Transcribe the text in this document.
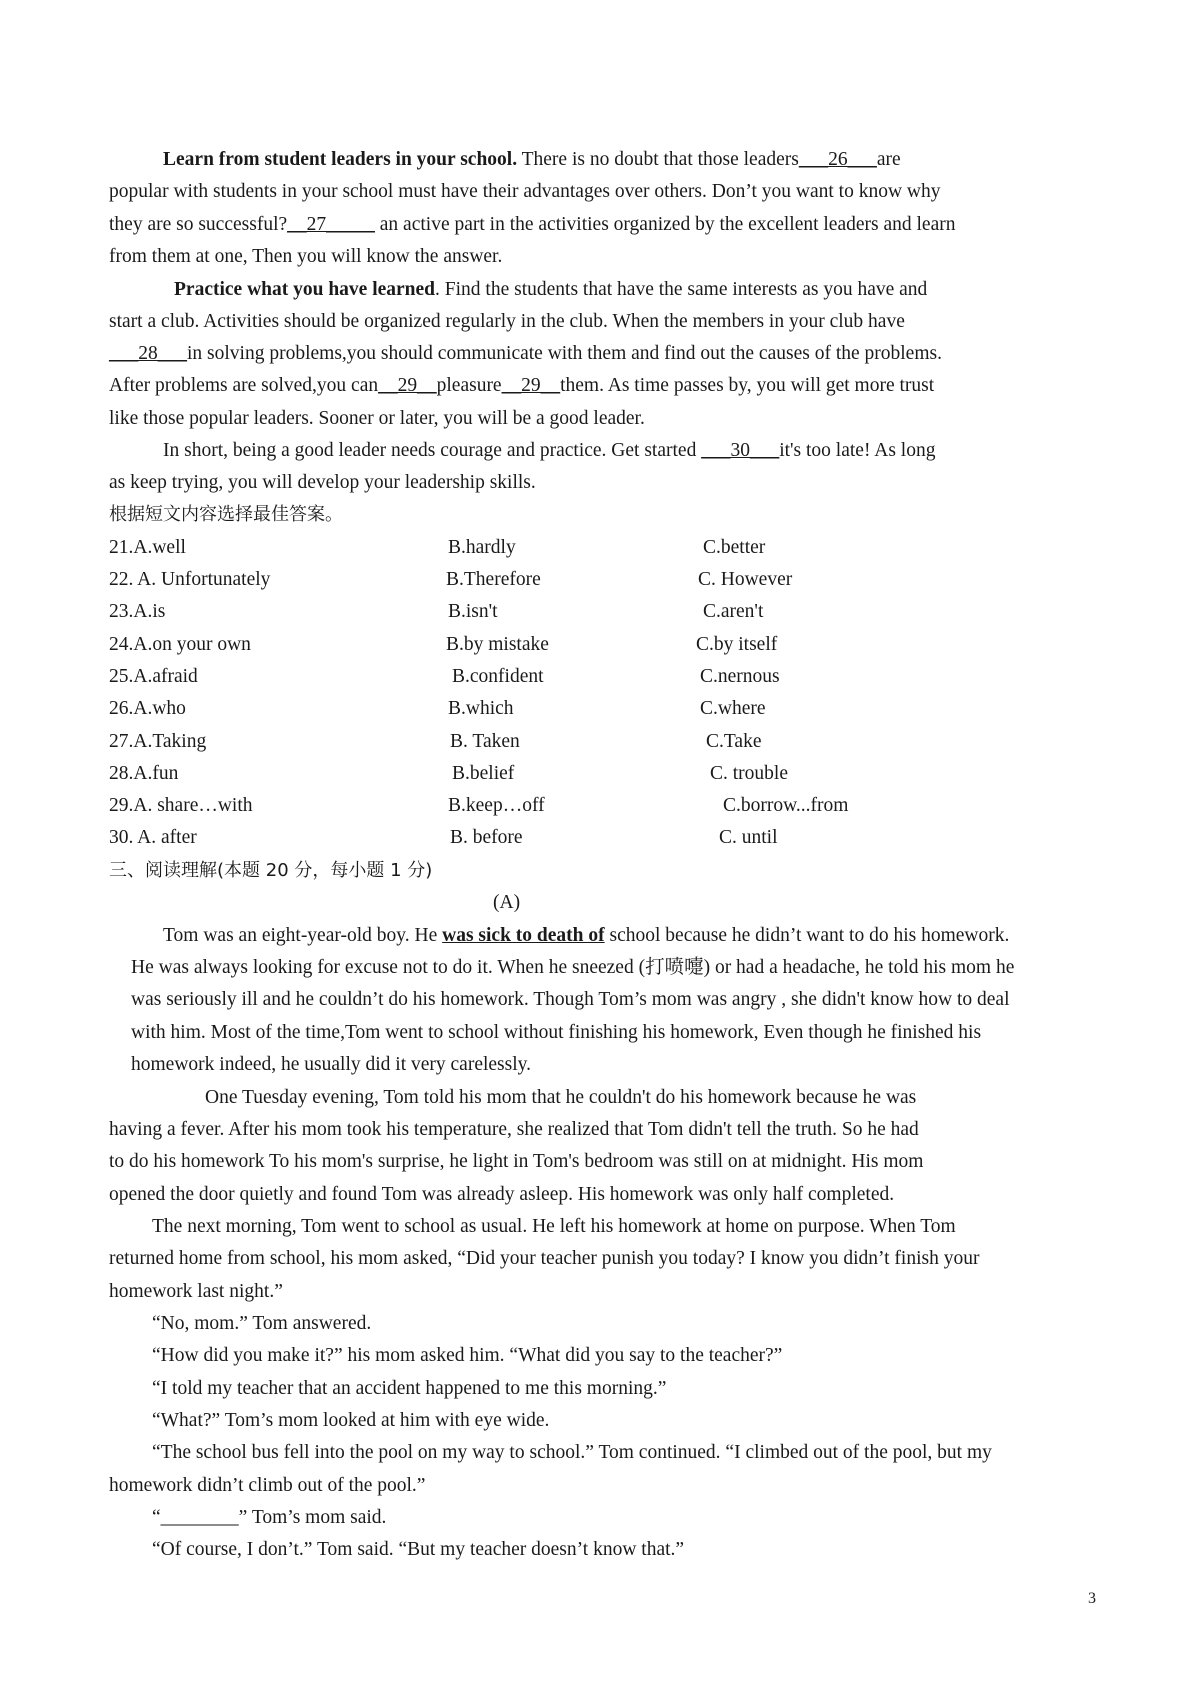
Learn from student leaders in your school. There is no doubt that those leaders___26___are
popular with students in your school must have their advantages over others. Don’t you want to know why
they are so successful?__27_____ an active part in the activities organized by the excellent leaders and learn
from them at one, Then you will know the answer.
Practice what you have learned. Find the students that have the same interests as you have and
start a club. Activities should be organized regularly in the club. When the members in your club have
___28___in solving problems,you should communicate with them and find out the causes of the problems.
After problems are solved,you can__29__pleasure__29__them. As time passes by, you will get more trust
like those popular leaders. Sooner or later, you will be a good leader.
In short, being a good leader needs courage and practice. Get started ___30___it's too late! As long
as keep trying, you will develop your leadership skills.
根据短文内容选择最佳答案。
21.A.well	B.hardly	C.better
22. A. Unfortunately	B.Therefore	C. However
23.A.is	B.isn't	C.aren't
24.A.on your own	B.by mistake	C.by itself
25.A.afraid	B.confident	C.nernous
26.A.who	B.which	C.where
27.A.Taking	B. Taken	C.Take
28.A.fun	B.belief	C. trouble
29.A. share…with	B.keep…off	C.borrow...from
30. A. after	B. before	C. until
三、阅读理解(本题 20 分，每小题 1 分)
(A)
Tom was an eight-year-old boy. He was sick to death of school because he didn’t want to do his homework.
He was always looking for excuse not to do it. When he sneezed (打喷嚏) or had a headache, he told his mom he
was seriously ill and he couldn’t do his homework. Though Tom’s mom was angry , she didn't know how to deal
with him. Most of the time,Tom went to school without finishing his homework, Even though he finished his
homework indeed, he usually did it very carelessly.
One Tuesday evening, Tom told his mom that he couldn't do his homework because he was
having a fever. After his mom took his temperature, she realized that Tom didn't tell the truth. So he had
to do his homework To his mom's surprise, he light in Tom's bedroom was still on at midnight. His mom
opened the door quietly and found Tom was already asleep. His homework was only half completed.
The next morning, Tom went to school as usual. He left his homework at home on purpose. When Tom
returned home from school, his mom asked, “Did your teacher punish you today? I know you didn’t finish your
homework last night.”
“No, mom.” Tom answered.
“How did you make it?” his mom asked him. “What did you say to the teacher?”
“I told my teacher that an accident happened to me this morning.”
“What?” Tom’s mom looked at him with eye wide.
“The school bus fell into the pool on my way to school.” Tom continued. “I climbed out of the pool, but my
homework didn’t climb out of the pool.”
“________” Tom’s mom said.
“Of course, I don’t.” Tom said. “But my teacher doesn’t know that.”
3
